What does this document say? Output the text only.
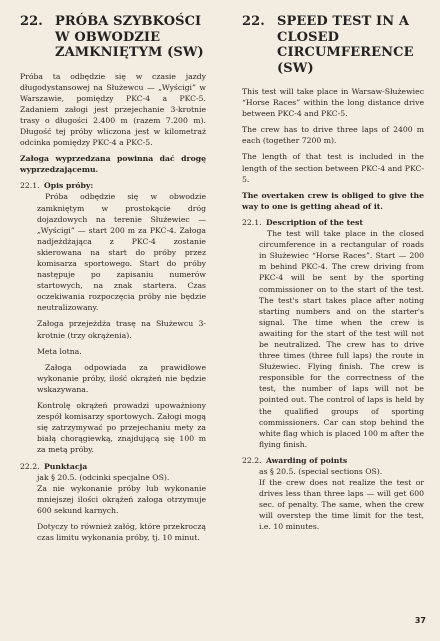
22. PRÓBA SZYBKOŚCI
W OBWODZIE
ZAMKNIĘTYM (SW)

Próba ta odbędzie się w czasie jazdy długodystansowej na Służewcu — „Wyścigi” w Warszawie, pomiędzy PKC-4 a PKC-5. Zadaniem załogi jest przejechanie 3-krotnie trasy o długości 2.400 m (razem 7.200 m). Długość tej próby wliczona jest w kilometraż odcinka pomiędzy PKC-4 a PKC-5.

Załoga wyprzedzana powinna dać drogę wyprzedzającemu.

22.1. Opis próby:

Próba odbędzie się w obwodzie zamkniętym w prostokącie dróg dojazdowych na terenie Służewiec — „Wyścigi” — start 200 m za PKC-4. Załoga nadjeżdżająca z PKC-4 zostanie skierowana na start do próby przez komisarza sportowego. Start do próby następuje po zapisaniu numerów startowych, na znak startera. Czas oczekiwania rozpoczęcia próby nie będzie neutralizowany.

Załoga przejeżdża trasę na Służewcu 3-krotnie (trzy okrążenia).

Meta lotna.

Załoga odpowiada za prawidłowe wykonanie próby, ilość okrążeń nie będzie wskazywana.

Kontrolę okrążeń prowadzi upoważniony zespół komisarzy sportowych. Załogi mogą się zatrzymywać po przejechaniu mety za białą chorągiewką, znajdującą się 100 m za metą próby.

22.2. Punktacja

jak § 20.5. (odcinki specjalne OS).

Za nie wykonanie próby lub wykonanie mniejszej ilości okrążeń załoga otrzymuje 600 sekund karnych.

Dotyczy to również załóg, które przekroczą czas limitu wykonania próby, tj. 10 minut.

22. SPEED TEST IN A
CLOSED
CIRCUMFERENCE (SW)

This test will take place in Warsaw-Służewiec “Horse Races” within the long distance drive between PKC-4 and PKC-5.

The crew has to drive three laps of 2400 m each (together 7200 m).

The length of that test is included in the length of the section between PKC-4 and PKC-5.

The overtaken crew is obliged to give the way to one is getting ahead of it.

22.1. Description of the test

The test will take place in the closed circumference in a rectangular of roads in Służewiec “Horse Races”. Start — 200 m behind PKC-4. The crew driving from PKC-4 will be sent by the sporting commissioner on to the start of the test. The test's start takes place after noting starting numbers and on the starter's signal. The time when the crew is awaiting for the start of the test will not be neutralized. The crew has to drive three times (three full laps) the route in Służewiec. Flying finish. The crew is responsible for the correctness of the test, the number of laps will not be pointed out. The control of laps is held by the qualified groups of sporting commissioners. Car can stop behind the white flag which is placed 100 m after the flying finish.

22.2. Awarding of points

as § 20.5. (special sections OS).

If the crew does not realize the test or drives less than three laps — will get 600 sec. of penalty. The same, when the crew will overstep the time limit for the test, i.e. 10 minutes.

37
